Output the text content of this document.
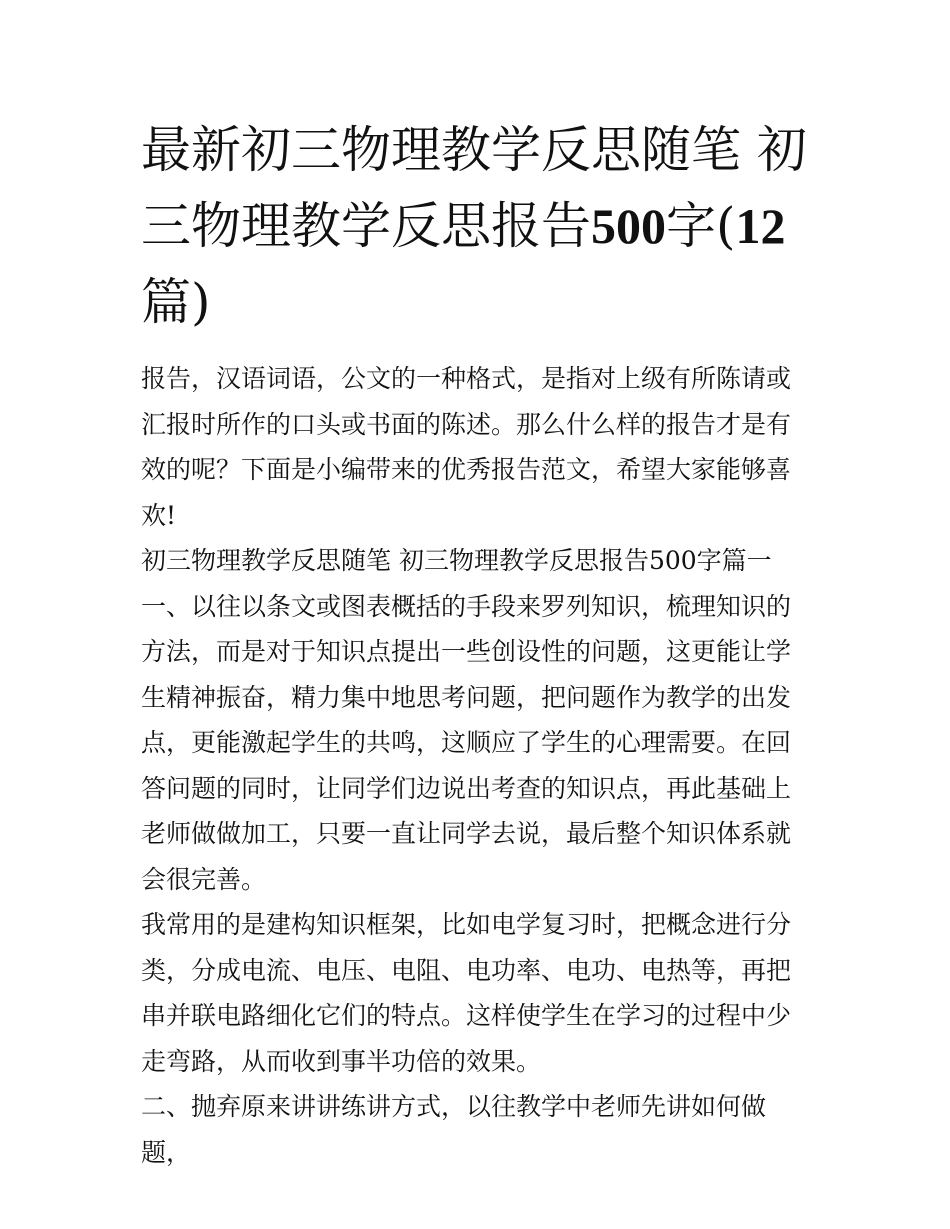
最新初三物理教学反思随笔 初三物理教学反思报告500字(12篇)

报告，汉语词语，公文的一种格式，是指对上级有所陈请或汇报时所作的口头或书面的陈述。那么什么样的报告才是有效的呢？下面是小编带来的优秀报告范文，希望大家能够喜欢!

初三物理教学反思随笔 初三物理教学反思报告500字篇一

一、以往以条文或图表概括的手段来罗列知识，梳理知识的方法，而是对于知识点提出一些创设性的问题，这更能让学生精神振奋，精力集中地思考问题，把问题作为教学的出发点，更能激起学生的共鸣，这顺应了学生的心理需要。在回答问题的同时，让同学们边说出考查的知识点，再此基础上老师做做加工，只要一直让同学去说，最后整个知识体系就会很完善。

我常用的是建构知识框架，比如电学复习时，把概念进行分类，分成电流、电压、电阻、电功率、电功、电热等，再把串并联电路细化它们的特点。这样使学生在学习的过程中少走弯路，从而收到事半功倍的效果。

二、抛弃原来讲讲练讲方式，以往教学中老师先讲如何做题，
